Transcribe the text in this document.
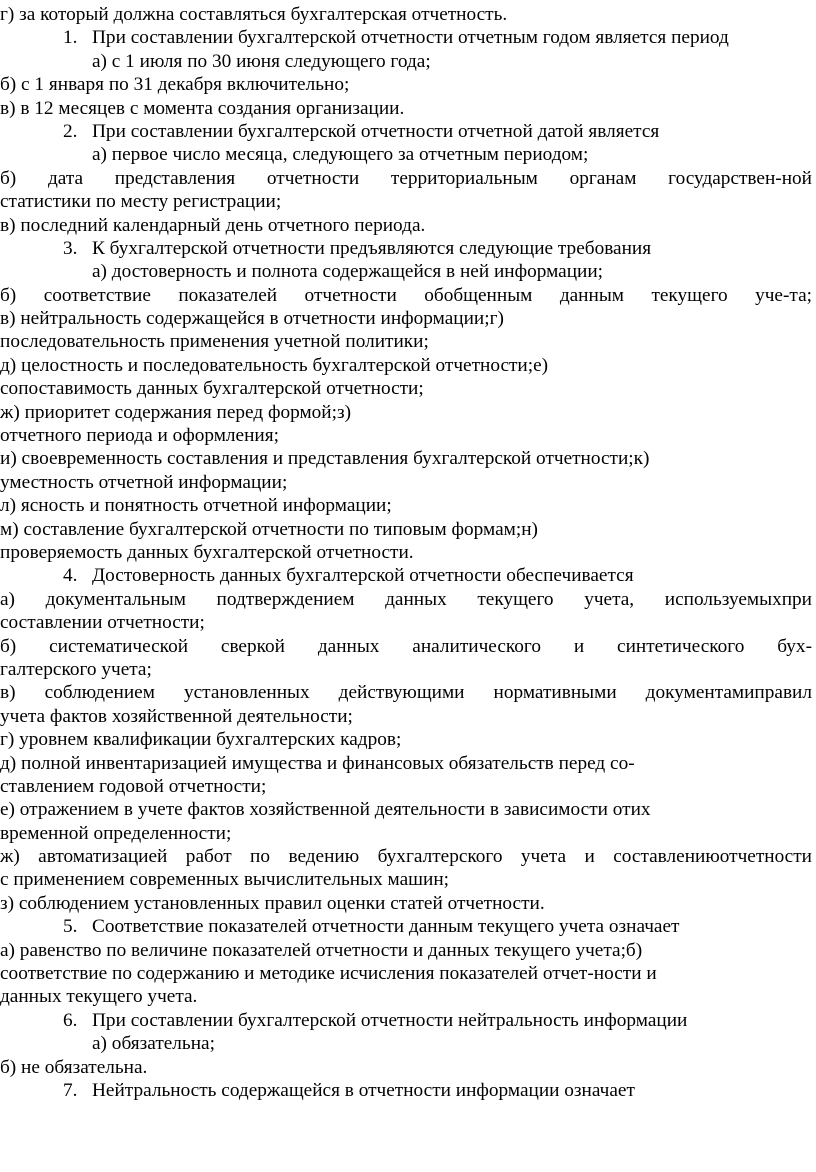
г) за который должна составляться бухгалтерская отчетность.
1. При составлении бухгалтерской отчетности отчетным годом является период
а) с 1 июля по 30 июня следующего года;
б) с 1 января по 31 декабря включительно;
в) в 12 месяцев с момента создания организации.
2. При составлении бухгалтерской отчетности отчетной датой является
а) первое число месяца, следующего за отчетным периодом;
б) дата представления отчетности территориальным органам государствен-ной
статистики по месту регистрации;
в) последний календарный день отчетного периода.
3. К бухгалтерской отчетности предъявляются следующие требования
а) достоверность и полнота содержащейся в ней информации;
б) соответствие показателей отчетности обобщенным данным текущего уче-та;
в) нейтральность содержащейся в отчетности информации;г)
последовательность применения учетной политики;
д) целостность и последовательность бухгалтерской отчетности;е)
сопоставимость данных бухгалтерской отчетности;
ж) приоритет содержания перед формой;з)
отчетного периода и оформления;
и) своевременность составления и представления бухгалтерской отчетности;к)
уместность отчетной информации;
л) ясность и понятность отчетной информации;
м) составление бухгалтерской отчетности по типовым формам;н)
проверяемость данных бухгалтерской отчетности.
4. Достоверность данных бухгалтерской отчетности обеспечивается
а) документальным подтверждением данных текущего учета, используемыхпри
составлении отчетности;
б) систематической сверкой данных аналитического и синтетического бух-
галтерского учета;
в) соблюдением установленных действующими нормативными документамиправил
учета фактов хозяйственной деятельности;
г) уровнем квалификации бухгалтерских кадров;
д) полной инвентаризацией имущества и финансовых обязательств перед со-
ставлением годовой отчетности;
е) отражением в учете фактов хозяйственной деятельности в зависимости отих
временной определенности;
ж) автоматизацией работ по ведению бухгалтерского учета и составлениюотчетности
с применением современных вычислительных машин;
з) соблюдением установленных правил оценки статей отчетности.
5. Соответствие показателей отчетности данным текущего учета означает
а) равенство по величине показателей отчетности и данных текущего учета;б)
соответствие по содержанию и методике исчисления показателей отчет-ности и
данных текущего учета.
6. При составлении бухгалтерской отчетности нейтральность информации
а) обязательна;
б) не обязательна.
7. Нейтральность содержащейся в отчетности информации означает
